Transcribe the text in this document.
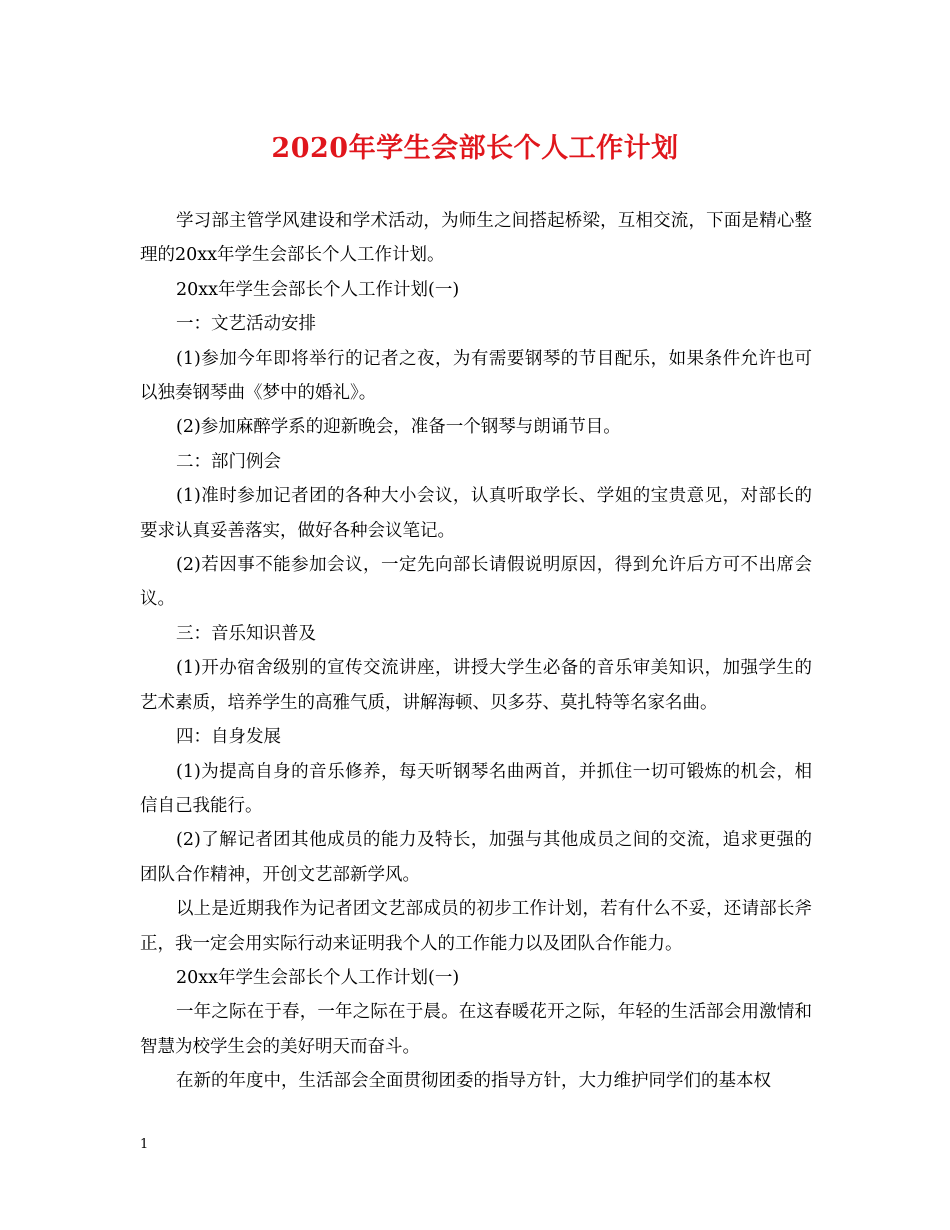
2020年学生会部长个人工作计划

学习部主管学风建设和学术活动，为师生之间搭起桥梁，互相交流，下面是精心整理的20xx年学生会部长个人工作计划。

20xx年学生会部长个人工作计划(一)

一：文艺活动安排

(1)参加今年即将举行的记者之夜，为有需要钢琴的节目配乐，如果条件允许也可以独奏钢琴曲《梦中的婚礼》。

(2)参加麻醉学系的迎新晚会，准备一个钢琴与朗诵节目。

二：部门例会

(1)准时参加记者团的各种大小会议，认真听取学长、学姐的宝贵意见，对部长的要求认真妥善落实，做好各种会议笔记。

(2)若因事不能参加会议，一定先向部长请假说明原因，得到允许后方可不出席会议。

三：音乐知识普及

(1)开办宿舍级别的宣传交流讲座，讲授大学生必备的音乐审美知识，加强学生的艺术素质，培养学生的高雅气质，讲解海顿、贝多芬、莫扎特等名家名曲。

四：自身发展

(1)为提高自身的音乐修养，每天听钢琴名曲两首，并抓住一切可锻炼的机会，相信自己我能行。

(2)了解记者团其他成员的能力及特长，加强与其他成员之间的交流，追求更强的团队合作精神，开创文艺部新学风。

以上是近期我作为记者团文艺部成员的初步工作计划，若有什么不妥，还请部长斧正，我一定会用实际行动来证明我个人的工作能力以及团队合作能力。

20xx年学生会部长个人工作计划(一)

一年之际在于春，一年之际在于晨。在这春暖花开之际，年轻的生活部会用激情和智慧为校学生会的美好明天而奋斗。

在新的年度中，生活部会全面贯彻团委的指导方针，大力维护同学们的基本权

1
